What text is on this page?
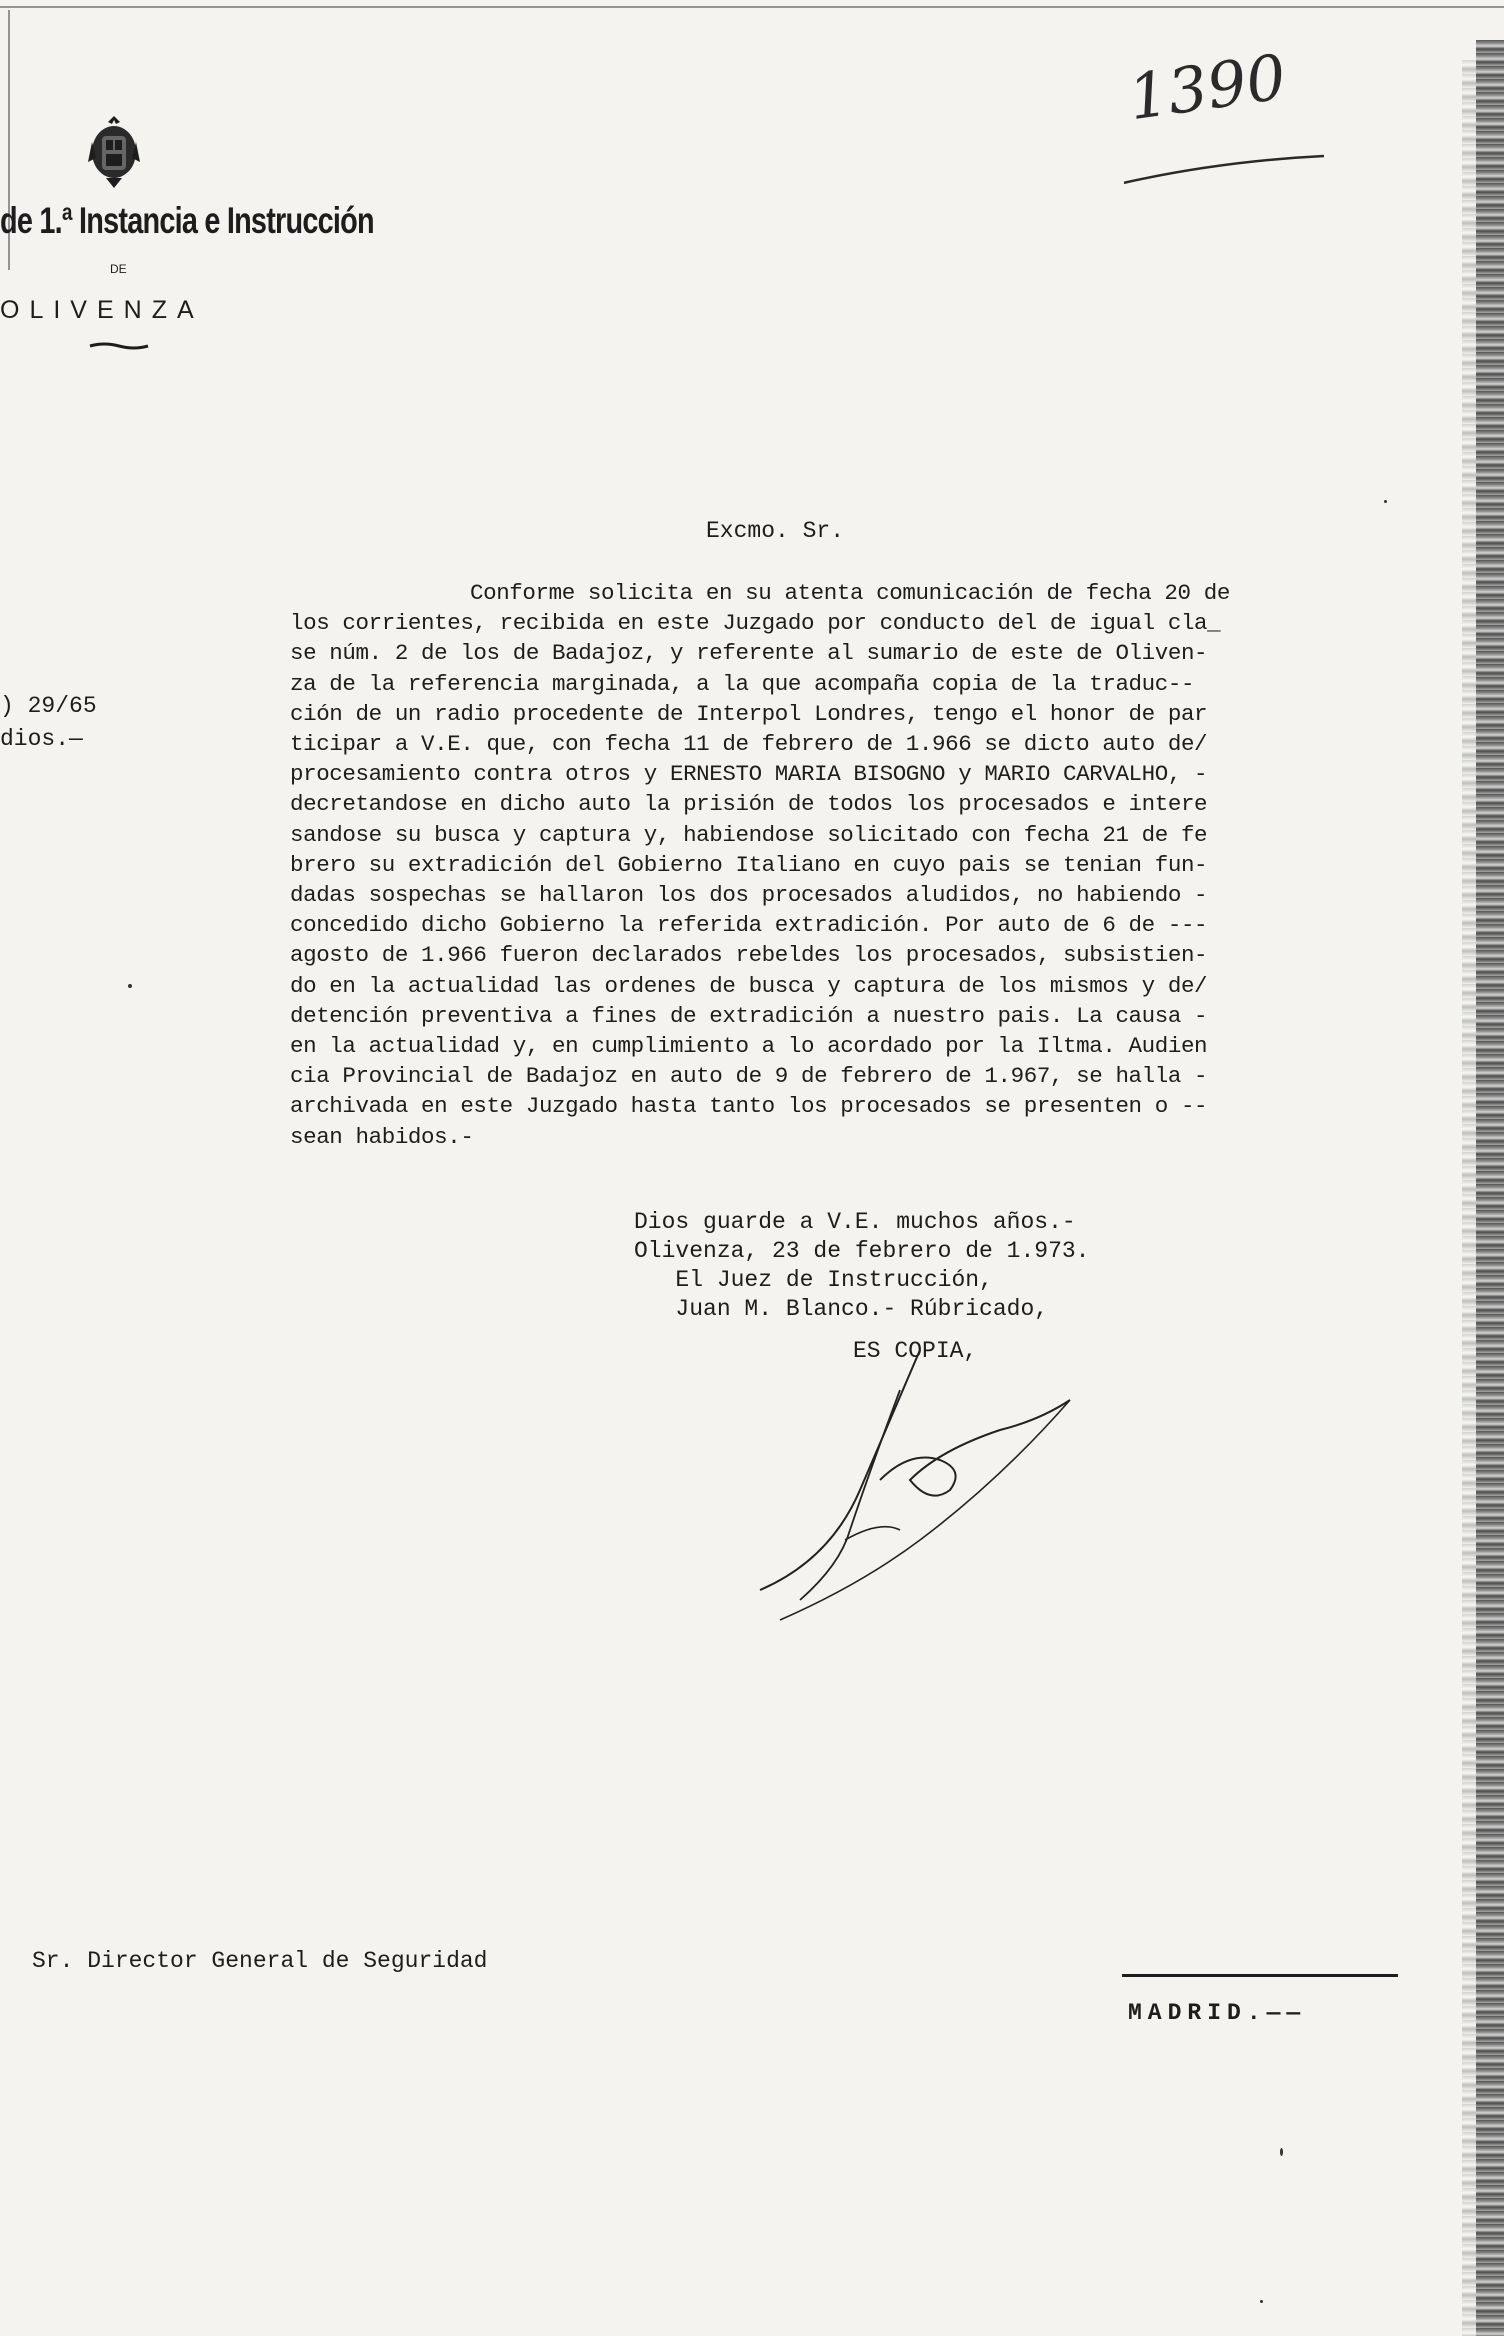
de 1.ª Instancia e Instrucción
DE
OLIVENZA
1390
) 29/65
dios.—
Excmo. Sr.

Conforme solicita en su atenta comunicación de fecha 20 de

los corrientes, recibida en este Juzgado por conducto del de igual cla_

se núm. 2 de los de Badajoz, y referente al sumario de este de Oliven-

za de la referencia marginada, a la que acompaña copia de la traduc--

ción de un radio procedente de Interpol Londres, tengo el honor de par

ticipar a V.E. que, con fecha 11 de febrero de 1.966 se dicto auto de/

procesamiento contra otros y ERNESTO MARIA BISOGNO y MARIO CARVALHO, -

decretandose en dicho auto la prisión de todos los procesados e intere

sandose su busca y captura y, habiendose solicitado con fecha 21 de fe

brero su extradición del Gobierno Italiano en cuyo pais se tenian fun-

dadas sospechas se hallaron los dos procesados aludidos, no habiendo -

concedido dicho Gobierno la referida extradición. Por auto de 6 de ---

agosto de 1.966 fueron declarados rebeldes los procesados, subsistien-

do en la actualidad las ordenes de busca y captura de los mismos y de/

detención preventiva a fines de extradición a nuestro pais. La causa -

en la actualidad y, en cumplimiento a lo acordado por la Iltma. Audien

cia Provincial de Badajoz en auto de 9 de febrero de 1.967, se halla -

archivada en este Juzgado hasta tanto los procesados se presenten o --

sean habidos.-

Dios guarde a V.E. muchos años.-

Olivenza, 23 de febrero de 1.973.

El Juez de Instrucción,

Juan M. Blanco.- Rúbricado,

ES COPIA,
Sr. Director General de Seguridad
MADRID.——
